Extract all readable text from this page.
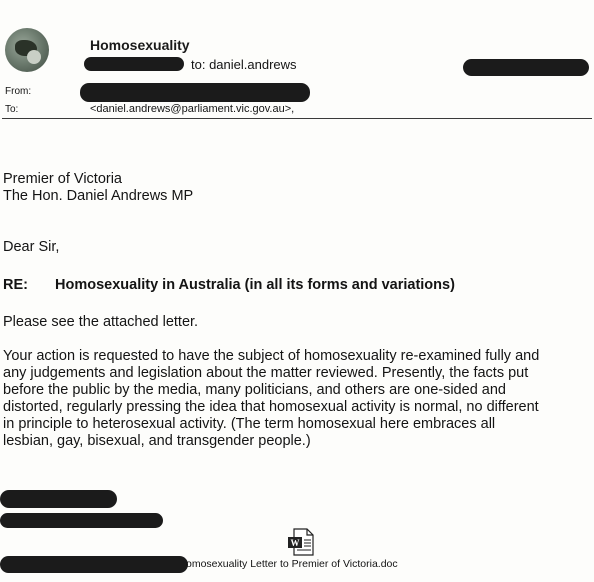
Homosexuality
to: daniel.andrews
From:
To:	<daniel.andrews@parliament.vic.gov.au>,
Premier of Victoria
The Hon. Daniel Andrews MP
Dear Sir,
RE: Homosexuality in Australia (in all its forms and variations)
Please see the attached letter.
Your action is requested to have the subject of homosexuality re-examined fully and
any judgements and legislation about the matter reviewed. Presently, the facts put
before the public by the media, many politicians, and others are one-sided and
distorted, regularly pressing the idea that homosexual activity is normal, no different
in principle to heterosexual activity. (The term homosexual here embraces all
lesbian, gay, bisexual, and transgender people.)
W
omosexuality Letter to Premier of Victoria.doc
